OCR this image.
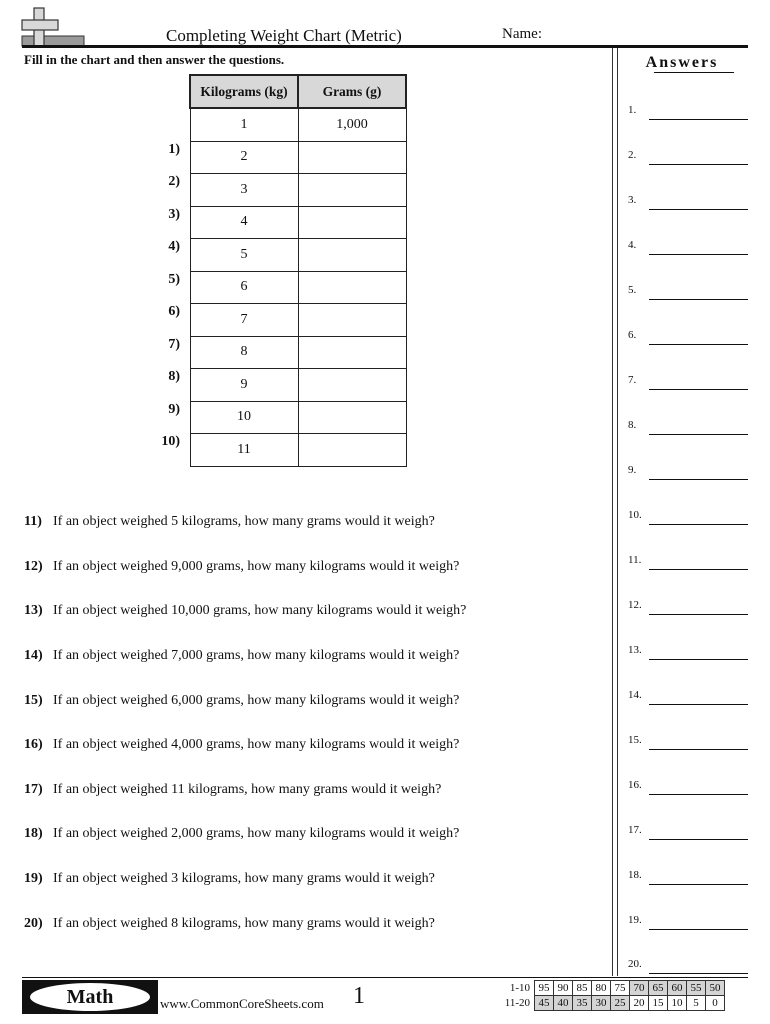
Completing Weight Chart (Metric)	Name:
Fill in the chart and then answer the questions.
Kilograms (kg)	Grams (g)
1	1,000
2	
3	
4	
5	
6	
7	
8	
9	
10	
11	
1)
2)
3)
4)
5)
6)
7)
8)
9)
10)
11) If an object weighed 5 kilograms, how many grams would it weigh?
12) If an object weighed 9,000 grams, how many kilograms would it weigh?
13) If an object weighed 10,000 grams, how many kilograms would it weigh?
14) If an object weighed 7,000 grams, how many kilograms would it weigh?
15) If an object weighed 6,000 grams, how many kilograms would it weigh?
16) If an object weighed 4,000 grams, how many kilograms would it weigh?
17) If an object weighed 11 kilograms, how many grams would it weigh?
18) If an object weighed 2,000 grams, how many kilograms would it weigh?
19) If an object weighed 3 kilograms, how many grams would it weigh?
20) If an object weighed 8 kilograms, how many grams would it weigh?
Answers
1.
2.
3.
4.
5.
6.
7.
8.
9.
10.
11.
12.
13.
14.
15.
16.
17.
18.
19.
20.
Math	www.CommonCoreSheets.com 1	1-10	95	90	85	80	75	70	65	60	55	50
11-20	45	40	35	30	25	20	15	10	5	0
